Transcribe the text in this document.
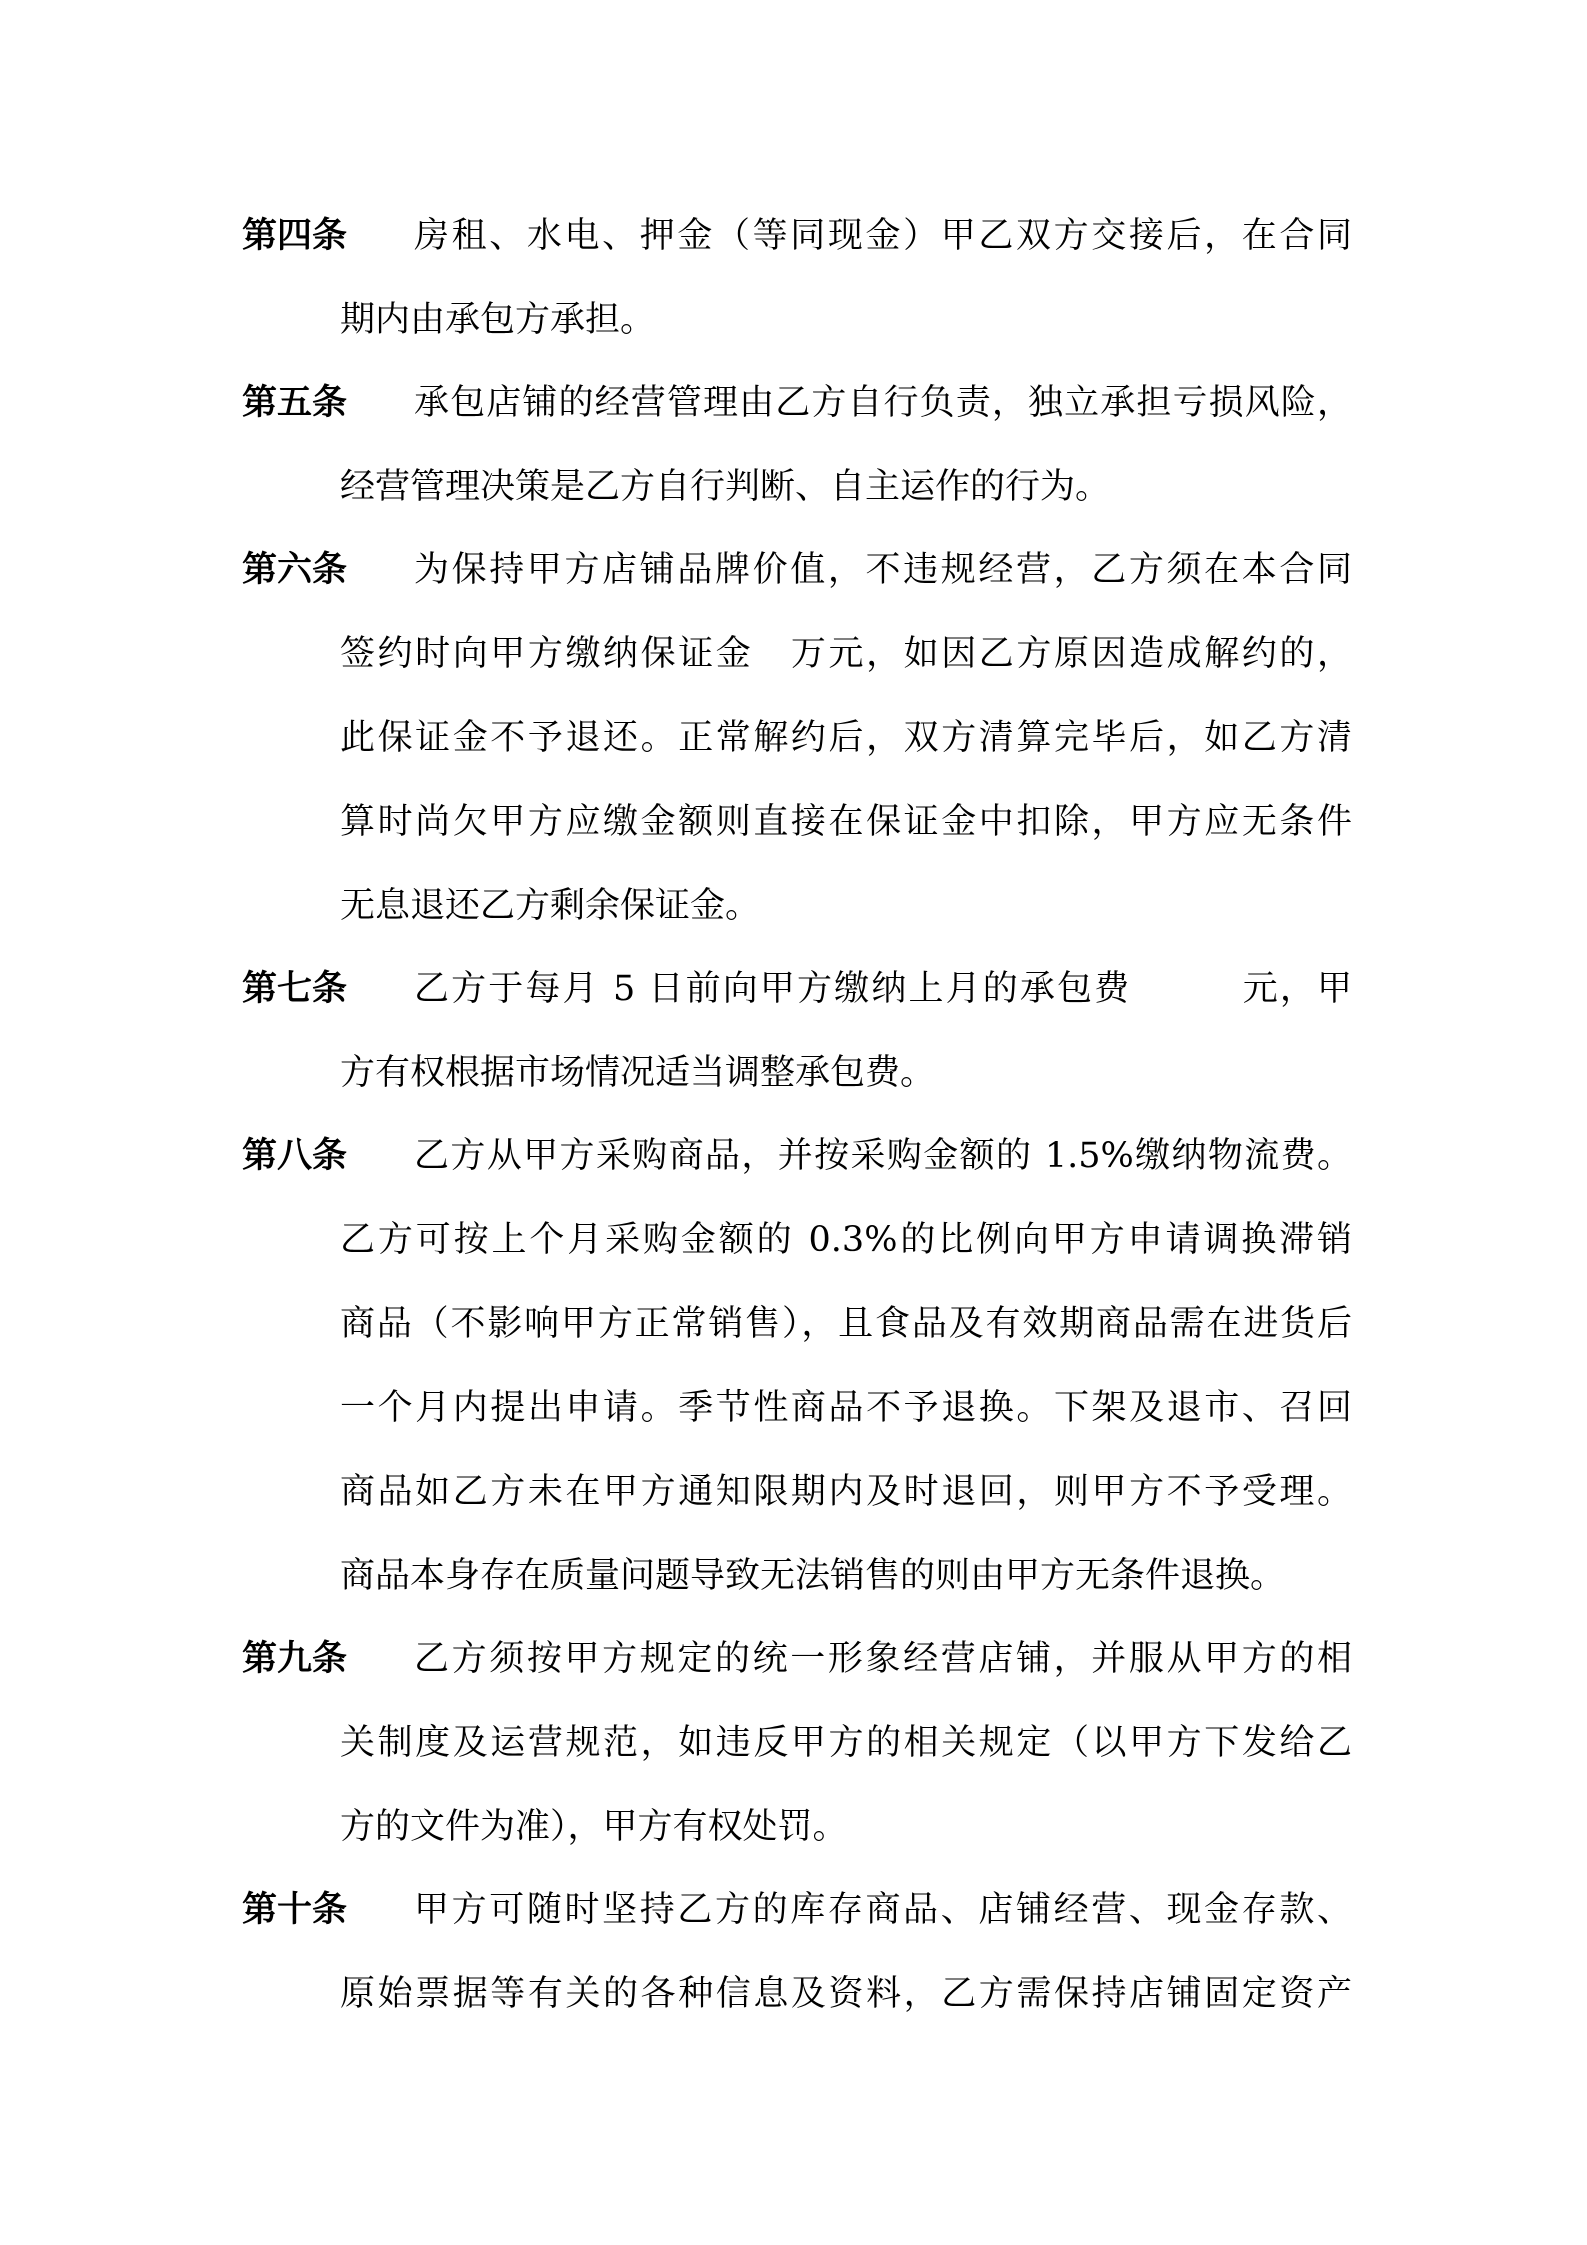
第四条	房租、水电、押金（等同现金）甲乙双方交接后，在合同
期内由承包方承担。
第五条	承包店铺的经营管理由乙方自行负责，独立承担亏损风险，
经营管理决策是乙方自行判断、自主运作的行为。
第六条	为保持甲方店铺品牌价值，不违规经营，乙方须在本合同
签约时向甲方缴纳保证金　万元，如因乙方原因造成解约的，
此保证金不予退还。正常解约后，双方清算完毕后，如乙方清
算时尚欠甲方应缴金额则直接在保证金中扣除，甲方应无条件
无息退还乙方剩余保证金。
第七条	乙方于每月 5 日前向甲方缴纳上月的承包费　　　元，甲
方有权根据市场情况适当调整承包费。
第八条	乙方从甲方采购商品，并按采购金额的 1.5%缴纳物流费。
乙方可按上个月采购金额的 0.3%的比例向甲方申请调换滞销
商品（不影响甲方正常销售），且食品及有效期商品需在进货后
一个月内提出申请。季节性商品不予退换。下架及退市、召回
商品如乙方未在甲方通知限期内及时退回，则甲方不予受理。
商品本身存在质量问题导致无法销售的则由甲方无条件退换。
第九条	乙方须按甲方规定的统一形象经营店铺，并服从甲方的相
关制度及运营规范，如违反甲方的相关规定（以甲方下发给乙
方的文件为准），甲方有权处罚。
第十条	甲方可随时坚持乙方的库存商品、店铺经营、现金存款、
原始票据等有关的各种信息及资料，乙方需保持店铺固定资产
